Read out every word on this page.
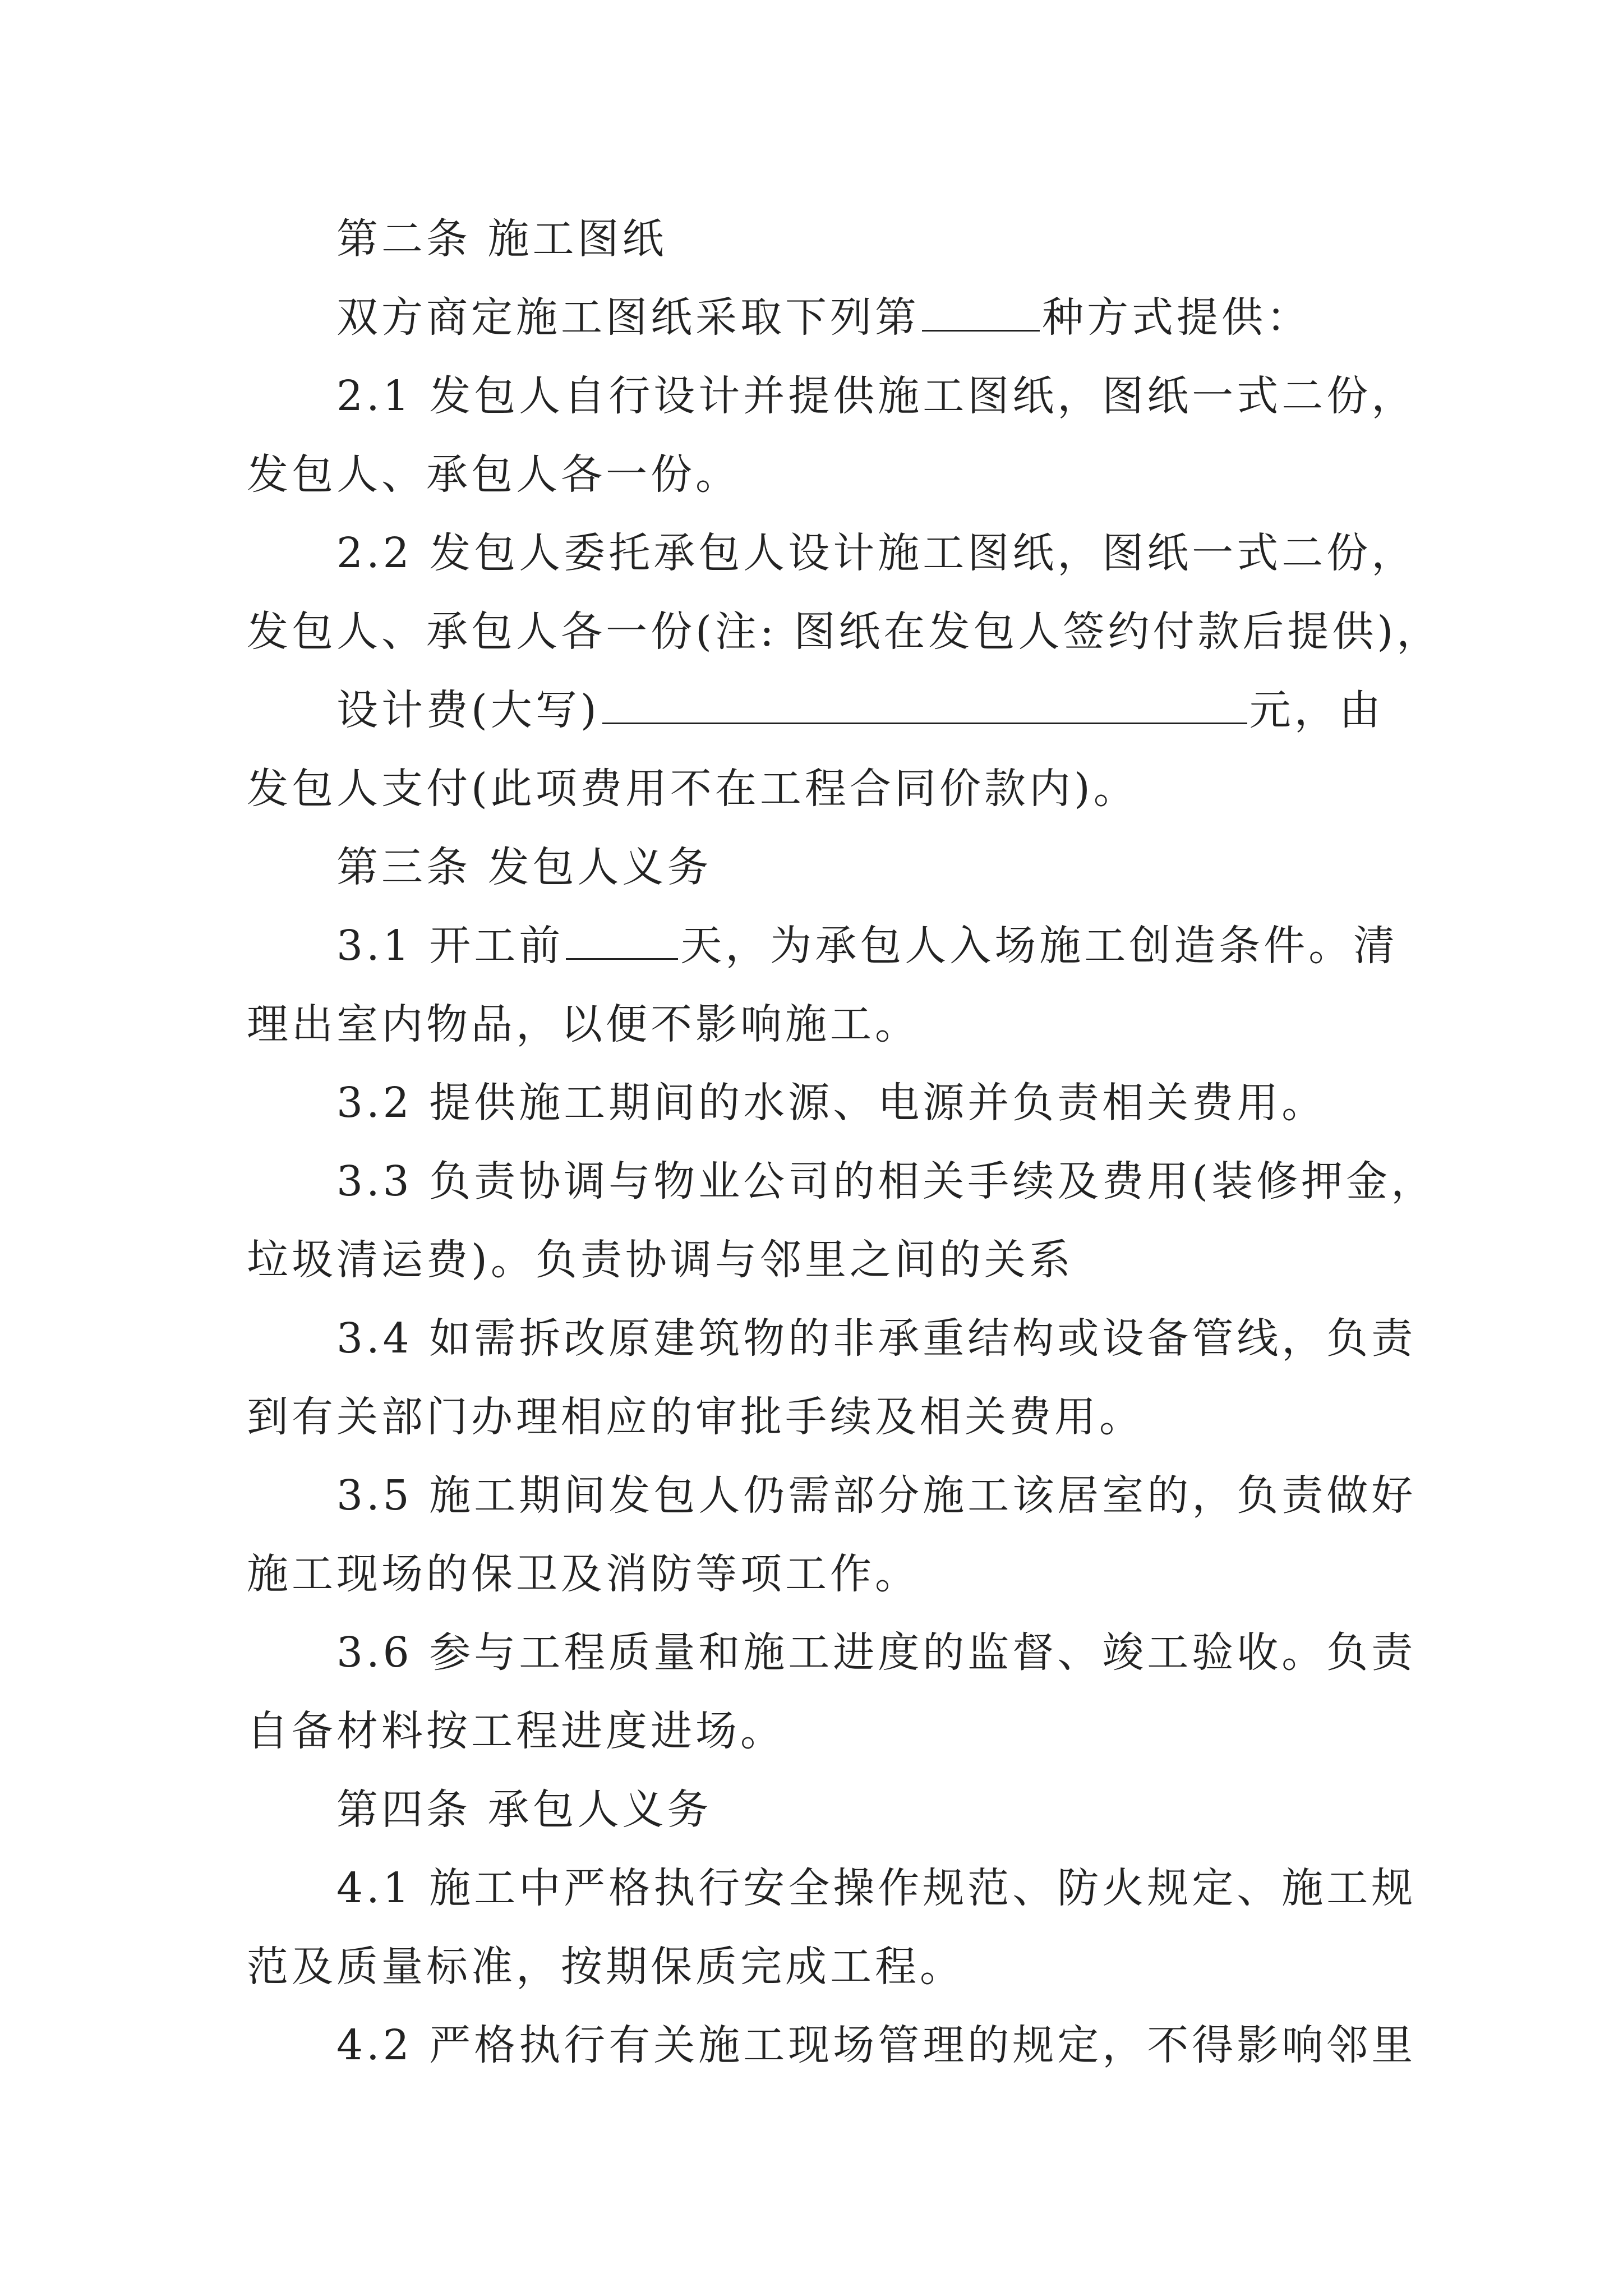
第二条 施工图纸
双方商定施工图纸采取下列第	种方式提供：
2.1 发包人自行设计并提供施工图纸，图纸一式二份，
发包人、承包人各一份。
2.2 发包人委托承包人设计施工图纸，图纸一式二份，
发包人、承包人各一份(注: 图纸在发包人签约付款后提供)，
设计费(大写)	元，由
发包人支付(此项费用不在工程合同价款内)。
第三条 发包人义务
3.1 开工前	天，为承包人入场施工创造条件。清
理出室内物品，以便不影响施工。
3.2 提供施工期间的水源、电源并负责相关费用。
3.3 负责协调与物业公司的相关手续及费用(装修押金，
垃圾清运费)。负责协调与邻里之间的关系
3.4 如需拆改原建筑物的非承重结构或设备管线，负责
到有关部门办理相应的审批手续及相关费用。
3.5 施工期间发包人仍需部分施工该居室的，负责做好
施工现场的保卫及消防等项工作。
3.6 参与工程质量和施工进度的监督、竣工验收。负责
自备材料按工程进度进场。
第四条 承包人义务
4.1 施工中严格执行安全操作规范、防火规定、施工规
范及质量标准，按期保质完成工程。
4.2 严格执行有关施工现场管理的规定，不得影响邻里
